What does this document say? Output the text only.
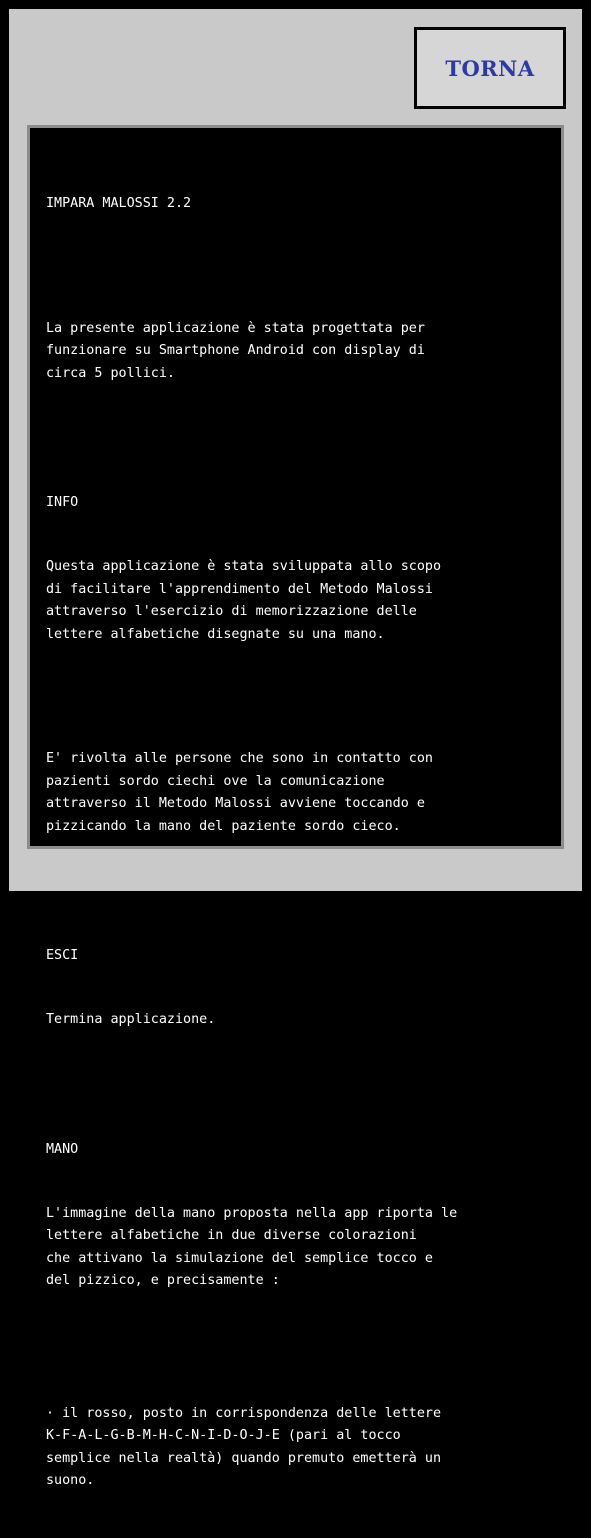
TORNA

IMPARA MALOSSI 2.2

La presente applicazione è stata progettata per
funzionare su Smartphone Android con display di
circa 5 pollici.

INFO

Questa applicazione è stata sviluppata allo scopo
di facilitare l'apprendimento del Metodo Malossi
attraverso l'esercizio di memorizzazione delle
lettere alfabetiche disegnate su una mano.

E' rivolta alle persone che sono in contatto con
pazienti sordo ciechi ove la comunicazione
attraverso il Metodo Malossi avviene toccando e
pizzicando la mano del paziente sordo cieco.

ESCI

Termina applicazione.

MANO

L'immagine della mano proposta nella app riporta le
lettere alfabetiche in due diverse colorazioni
che attivano la simulazione del semplice tocco e
del pizzico, e precisamente :

· il rosso, posto in corrispondenza delle lettere
K-F-A-L-G-B-M-H-C-N-I-D-O-J-E (pari al tocco
semplice nella realtà) quando premuto emetterà un
suono.
